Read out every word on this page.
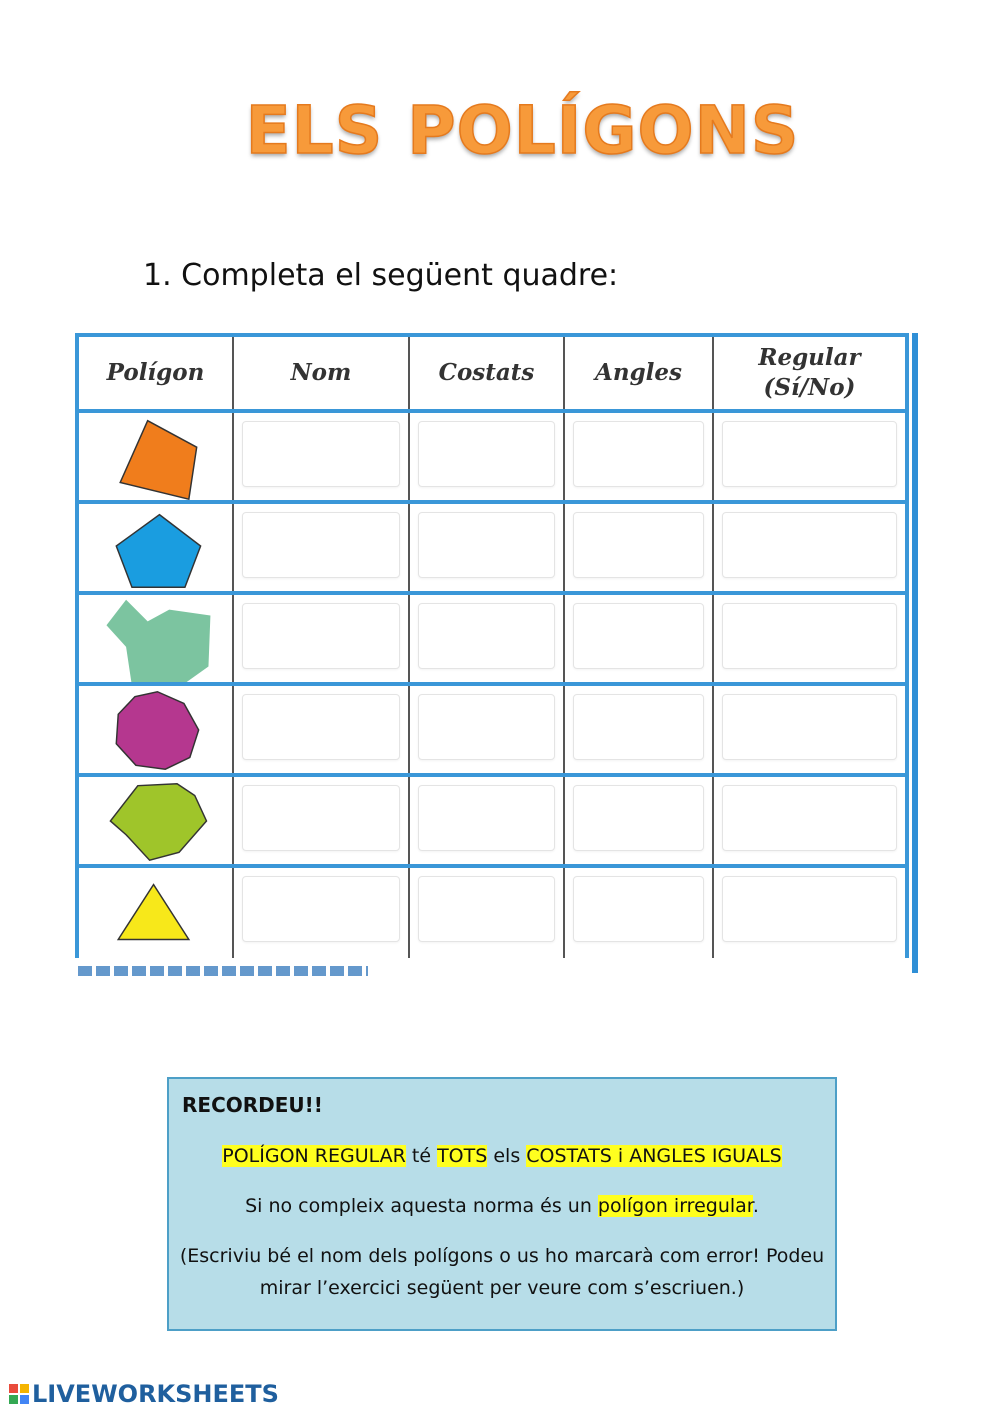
ELS POLÍGONS
1. Completa el següent quadre:
Polígon	Nom	Costats	Angles	Regular
(Sí/No)

RECORDEU!!
POLÍGON REGULAR té TOTS els COSTATS i ANGLES IGUALS
Si no compleix aquesta norma és un polígon irregular.
(Escriviu bé el nom dels polígons o us ho marcarà com error! Podeu
mirar l’exercici següent per veure com s’escriuen.)
LIVEWORKSHEETS
